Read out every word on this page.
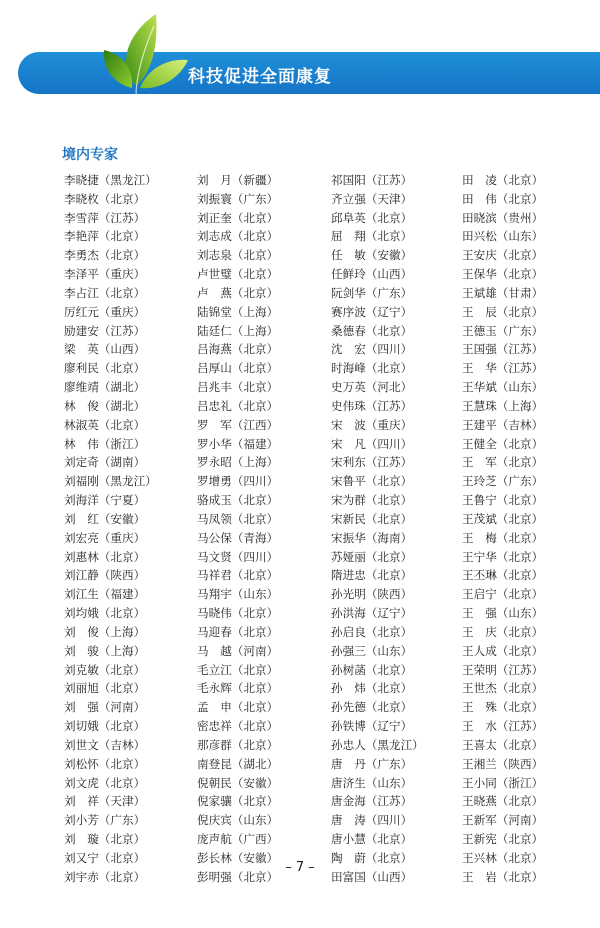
科技促进全面康复
境内专家
李晓捷（黑龙江）
李晓枚（北京）
李雪萍（江苏）
李艳萍（北京）
李勇杰（北京）
李泽平（重庆）
李占江（北京）
厉红元（重庆）
励建安（江苏）
梁　英（山西）
廖利民（北京）
廖维靖（湖北）
林　俊（湖北）
林淑英（北京）
林　伟（浙江）
刘定奇（湖南）
刘福刚（黑龙江）
刘海洋（宁夏）
刘　红（安徽）
刘宏亮（重庆）
刘惠林（北京）
刘江静（陕西）
刘江生（福建）
刘均娥（北京）
刘　俊（上海）
刘　骏（上海）
刘克敏（北京）
刘丽旭（北京）
刘　强（河南）
刘切娥（北京）
刘世文（吉林）
刘松怀（北京）
刘文虎（北京）
刘　祥（天津）
刘小芳（广东）
刘　璇（北京）
刘又宁（北京）
刘宇赤（北京）
刘　月（新疆）
刘振寰（广东）
刘正奎（北京）
刘志成（北京）
刘志泉（北京）
卢世璧（北京）
卢　燕（北京）
陆锦堂（上海）
陆廷仁（上海）
吕海燕（北京）
吕厚山（北京）
吕兆丰（北京）
吕忠礼（北京）
罗　军（江西）
罗小华（福建）
罗永昭（上海）
罗增勇（四川）
骆成玉（北京）
马凤领（北京）
马公保（青海）
马文贤（四川）
马祥君（北京）
马翔宇（山东）
马晓伟（北京）
马迎春（北京）
马　越（河南）
毛立江（北京）
毛永辉（北京）
孟　申（北京）
密忠祥（北京）
那彦群（北京）
南登昆（湖北）
倪朝民（安徽）
倪家骧（北京）
倪庆宾（山东）
庞声航（广西）
彭长林（安徽）
彭明强（北京）
祁国阳（江苏）
齐立强（天津）
邱阜英（北京）
屈　翔（北京）
任　敏（安徽）
任鲜玲（山西）
阮剑华（广东）
赛序波（辽宁）
桑德春（北京）
沈　宏（四川）
时海峰（北京）
史万英（河北）
史伟珠（江苏）
宋　波（重庆）
宋　凡（四川）
宋利东（江苏）
宋鲁平（北京）
宋为群（北京）
宋新民（北京）
宋振华（海南）
苏娅丽（北京）
隋进忠（北京）
孙光明（陕西）
孙洪海（辽宁）
孙启良（北京）
孙强三（山东）
孙树菡（北京）
孙　炜（北京）
孙先德（北京）
孙铁博（辽宁）
孙忠人（黑龙江）
唐　丹（广东）
唐济生（山东）
唐金海（江苏）
唐　涛（四川）
唐小慧（北京）
陶　蔚（北京）
田富国（山西）
田　凌（北京）
田　伟（北京）
田晓滨（贵州）
田兴松（山东）
王安庆（北京）
王保华（北京）
王斌雄（甘肃）
王　辰（北京）
王德玉（广东）
王国强（江苏）
王　华（江苏）
王华斌（山东）
王慧珠（上海）
王建平（吉林）
王健全（北京）
王　军（北京）
王玲芝（广东）
王鲁宁（北京）
王茂斌（北京）
王　梅（北京）
王宁华（北京）
王丕琳（北京）
王启宁（北京）
王　强（山东）
王　庆（北京）
王人成（北京）
王荣明（江苏）
王世杰（北京）
王　殊（北京）
王　水（江苏）
王喜太（北京）
王湘兰（陕西）
王小同（浙江）
王晓燕（北京）
王新军（河南）
王新宪（北京）
王兴林（北京）
王　岩（北京）
– 7 –
